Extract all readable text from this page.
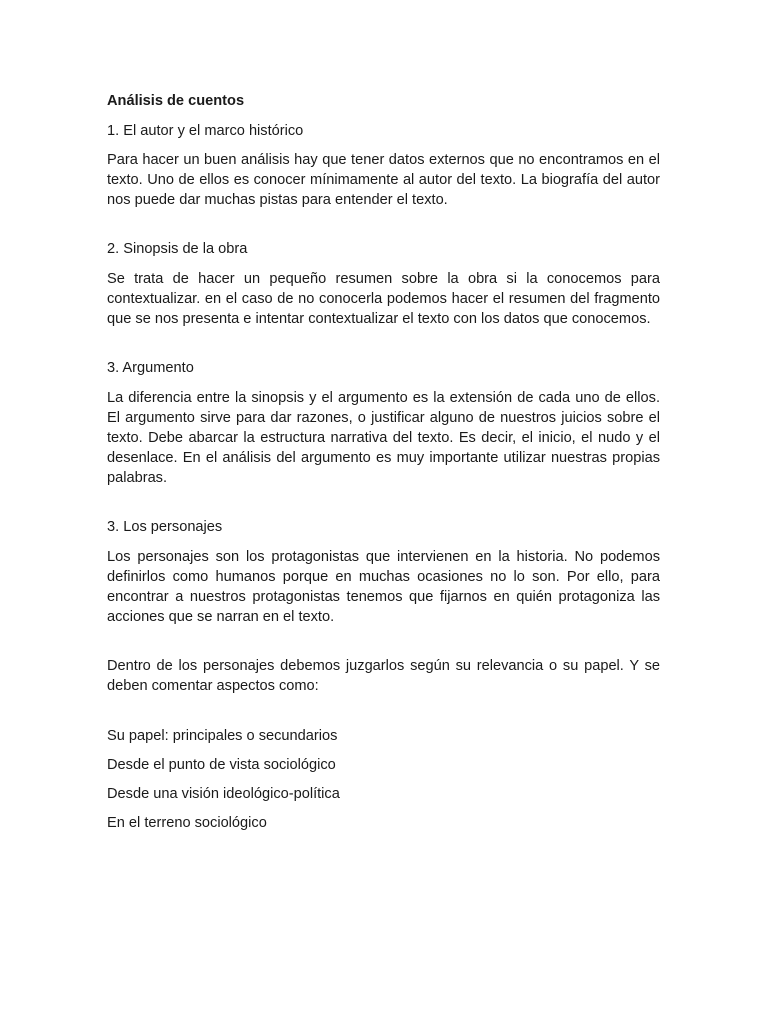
Análisis de cuentos
1. El autor y el marco histórico

Para hacer un buen análisis hay que tener datos externos que no encontramos en el texto. Uno de ellos es conocer mínimamente al autor del texto. La biografía del autor nos puede dar muchas pistas para entender el texto.

2. Sinopsis de la obra

Se trata de hacer un pequeño resumen sobre la obra si la conocemos para contextualizar. en el caso de no conocerla podemos hacer el resumen del fragmento que se nos presenta e intentar contextualizar el texto con los datos que conocemos.

3. Argumento

La diferencia entre la sinopsis y el argumento es la extensión de cada uno de ellos. El argumento sirve para dar razones, o justificar alguno de nuestros juicios sobre el texto. Debe abarcar la estructura narrativa del texto. Es decir, el inicio, el nudo y el desenlace. En el análisis del argumento es muy importante utilizar nuestras propias palabras.

3. Los personajes

Los personajes son los protagonistas que intervienen en la historia. No podemos definirlos como humanos porque en muchas ocasiones no lo son. Por ello, para encontrar a nuestros protagonistas tenemos que fijarnos en quién protagoniza las acciones que se narran en el texto.

Dentro de los personajes debemos juzgarlos según su relevancia o su papel. Y se deben comentar aspectos como:

Su papel: principales o secundarios
Desde el punto de vista sociológico
Desde una visión ideológico-política
En el terreno sociológico
